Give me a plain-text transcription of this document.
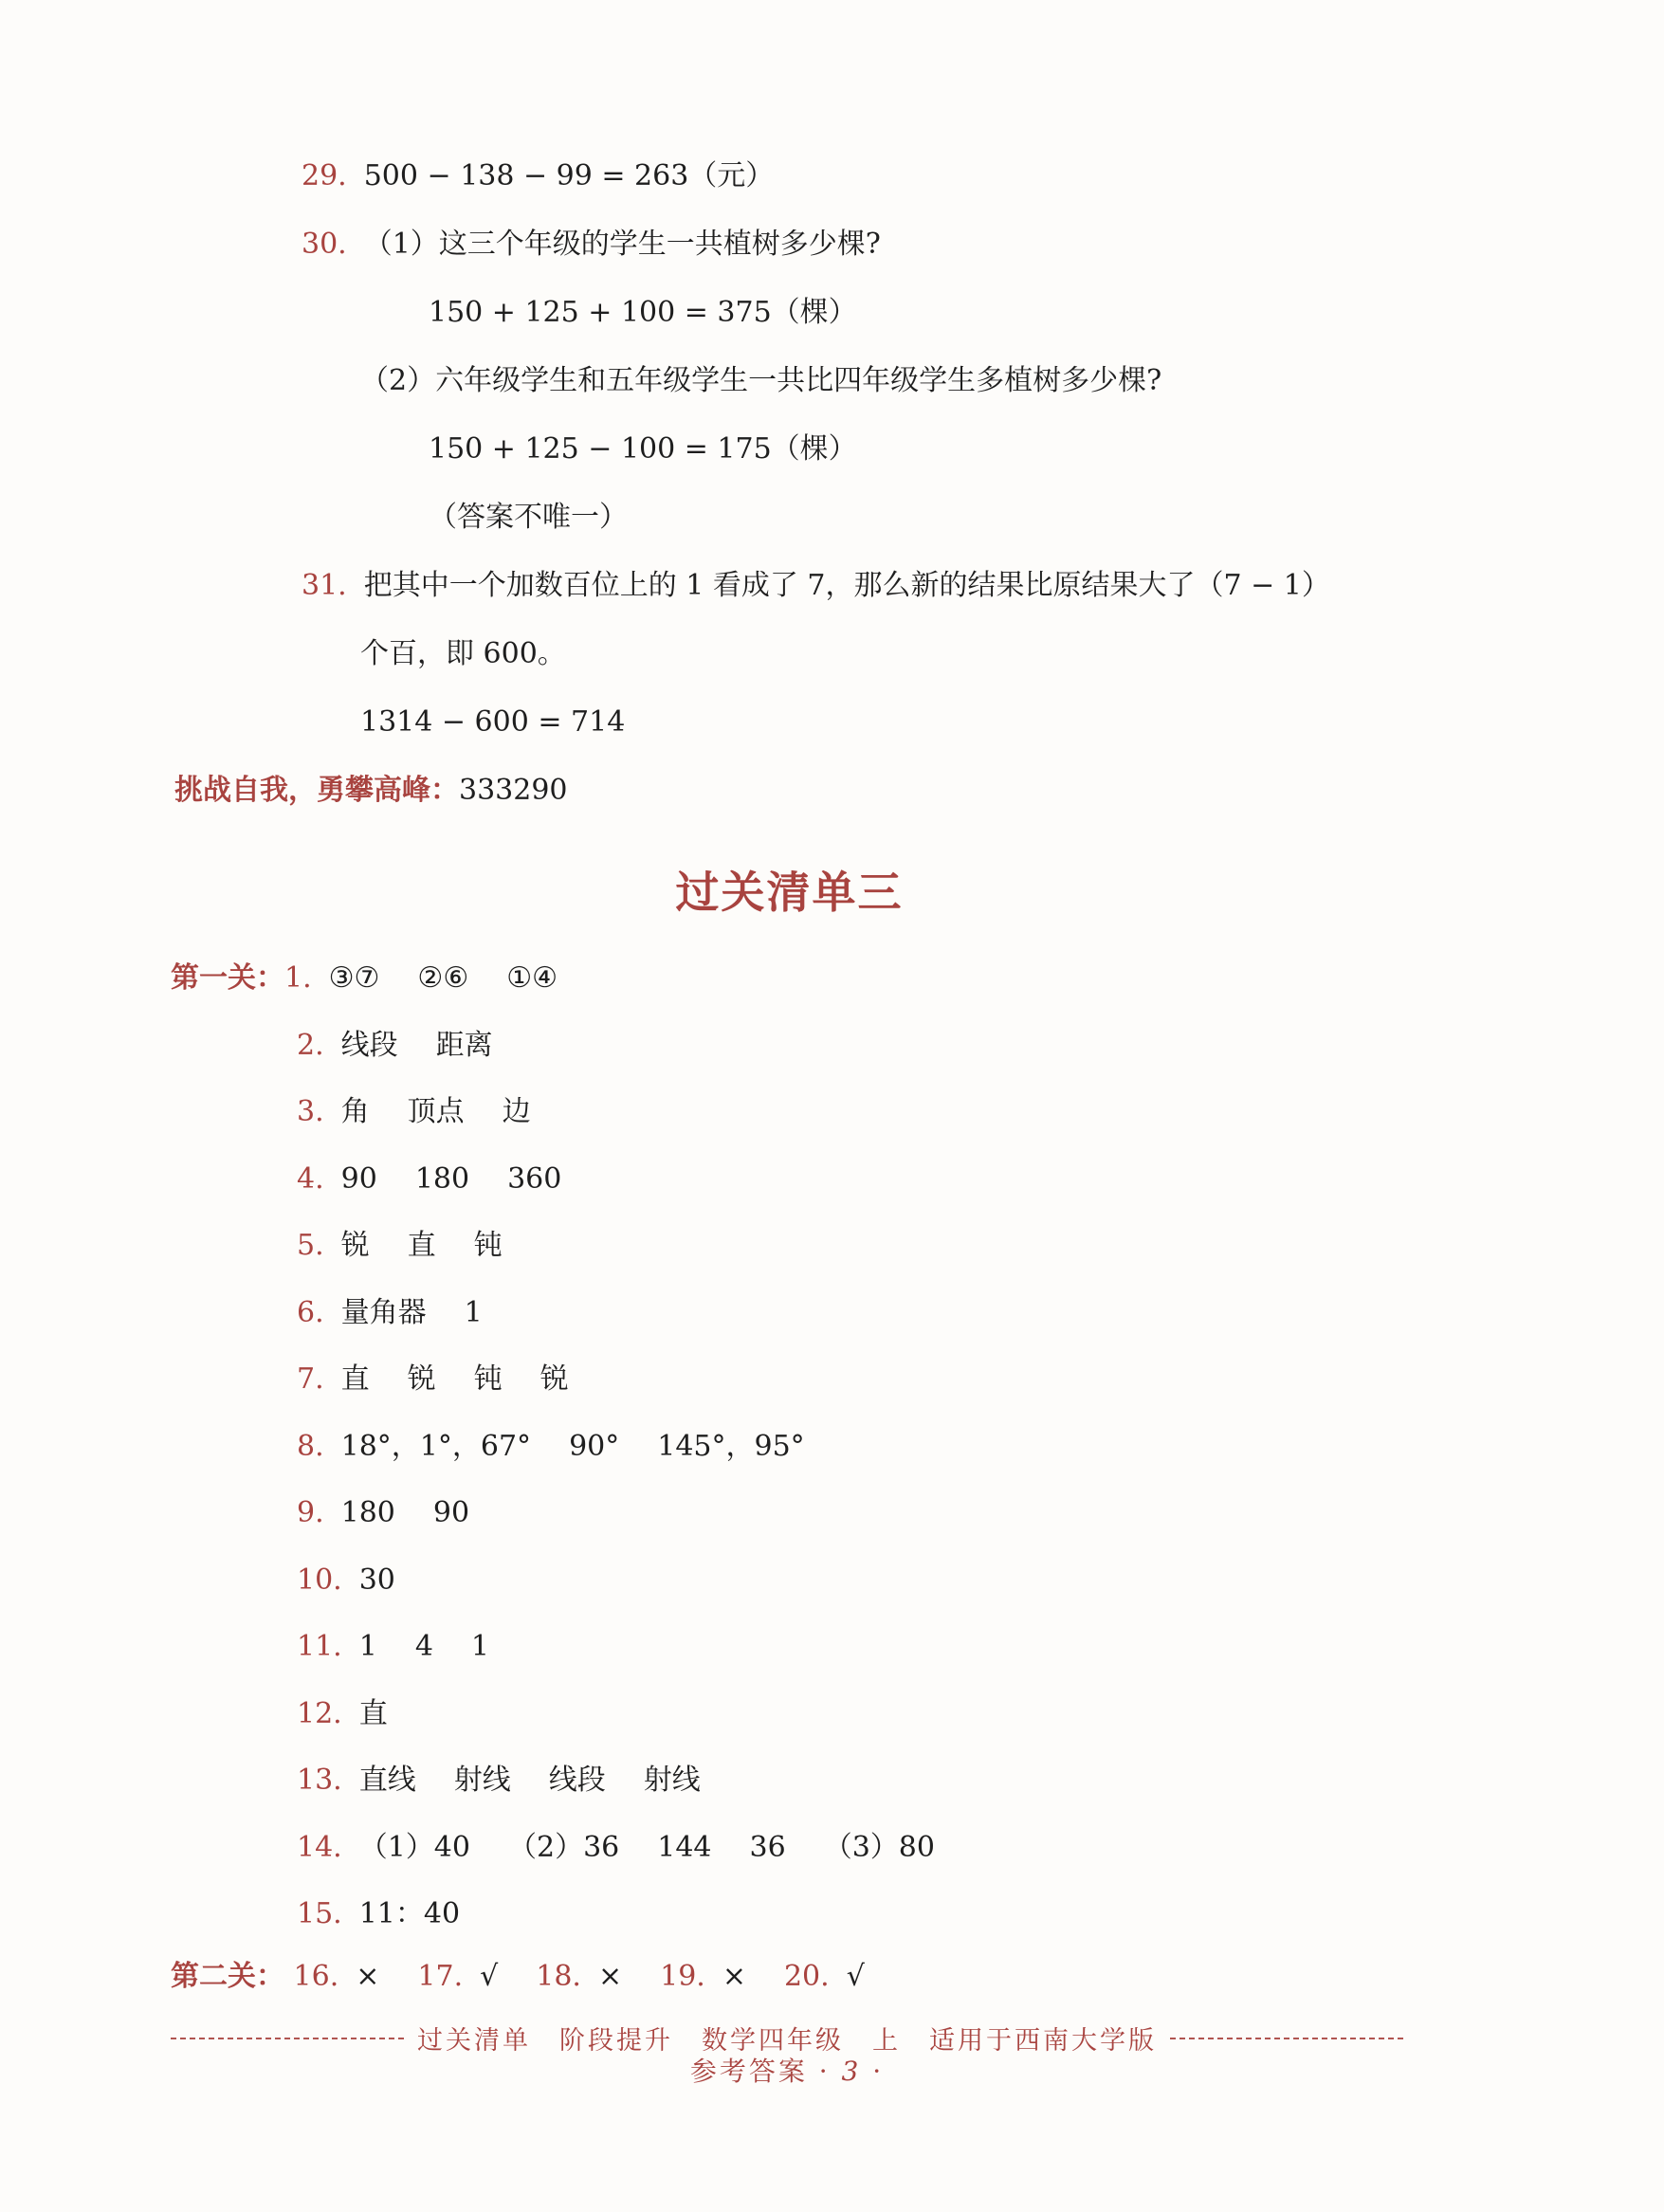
29. 500 − 138 − 99 = 263（元）
30. （1）这三个年级的学生一共植树多少棵?
150 + 125 + 100 = 375（棵）
（2）六年级学生和五年级学生一共比四年级学生多植树多少棵?
150 + 125 − 100 = 175（棵）
（答案不唯一）
31. 把其中一个加数百位上的 1 看成了 7，那么新的结果比原结果大了（7 − 1）
个百，即 600。
1314 − 600 = 714
挑战自我，勇攀高峰：333290
过关清单三
第一关：1. ③⑦ ②⑥ ①④
2. 线段 距离
3. 角 顶点 边
4. 90 180 360
5. 锐 直 钝
6. 量角器 1
7. 直 锐 钝 锐
8. 18°，1°，67° 90° 145°，95°
9. 180 90
10. 30
11. 1 4 1
12. 直
13. 直线 射线 线段 射线
14. （1）40 （2）36 144 36 （3）80
15. 11：40
第二关： 16. × 17. √ 18. × 19. × 20. √
过关清单　阶段提升　数学四年级　上　适用于西南大学版
参考答案 · 3 ·
